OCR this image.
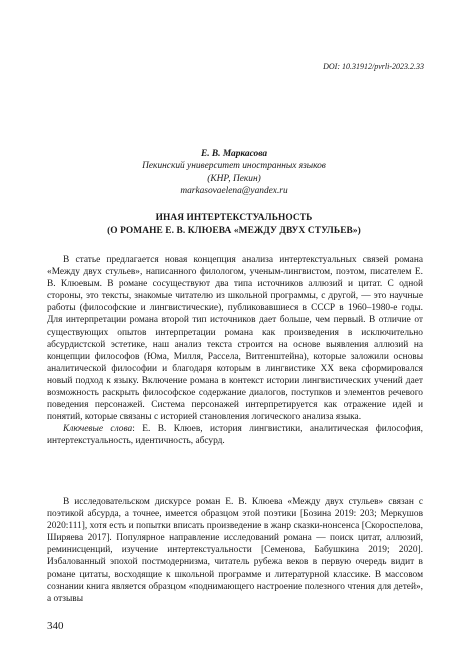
DOI: 10.31912/pvrli-2023.2.33
Е. В. Маркасова
Пекинский университет иностранных языков
(КНР, Пекин)
markasovaelena@yandex.ru
ИНАЯ ИНТЕРТЕКСТУАЛЬНОСТЬ
(О РОМАНЕ Е. В. КЛЮЕВА «МЕЖДУ ДВУХ СТУЛЬЕВ»)

В статье предлагается новая концепция анализа интертекстуальных связей романа «Между двух стульев», написанного филологом, ученым-лингвистом, поэтом, писателем Е. В. Клюевым. В романе сосуществуют два типа источников аллюзий и цитат. С одной стороны, это тексты, знакомые читателю из школьной программы, с другой, — это научные работы (философские и лингвистические), публиковавшиеся в СССР в 1960–1980-е годы. Для интерпретации романа второй тип источников дает больше, чем первый. В отличие от существующих опытов интерпретации романа как произведения в исключительно абсурдистской эстетике, наш анализ текста строится на основе выявления аллюзий на концепции философов (Юма, Милля, Рассела, Витгенштейна), которые заложили основы аналитической философии и благодаря которым в лингвистике XX века сформировался новый подход к языку. Включение романа в контекст истории лингвистических учений дает возможность раскрыть философское содержание диалогов, поступков и элементов речевого поведения персонажей. Система персонажей интерпретируется как отражение идей и понятий, которые связаны с историей становления логического анализа языка.

Ключевые слова: Е. В. Клюев, история лингвистики, аналитическая философия, интертекстуальность, идентичность, абсурд.

В исследовательском дискурсе роман Е. В. Клюева «Между двух стульев» связан с поэтикой абсурда, а точнее, имеется образцом этой поэтики [Бозина 2019: 203; Меркушов 2020:111], хотя есть и попытки вписать произведение в жанр сказки-нонсенса [Скороспелова, Ширяева 2017]. Популярное направление исследований романа — поиск цитат, аллюзий, реминисценций, изучение интертекстуальности [Семенова, Бабушкина 2019; 2020]. Избалованный эпохой постмодернизма, читатель рубежа веков в первую очередь видит в романе цитаты, восходящие к школьной программе и литературной классике. В массовом сознании книга является образцом «поднимающего настроение полезного чтения для детей», а отзывы

340
